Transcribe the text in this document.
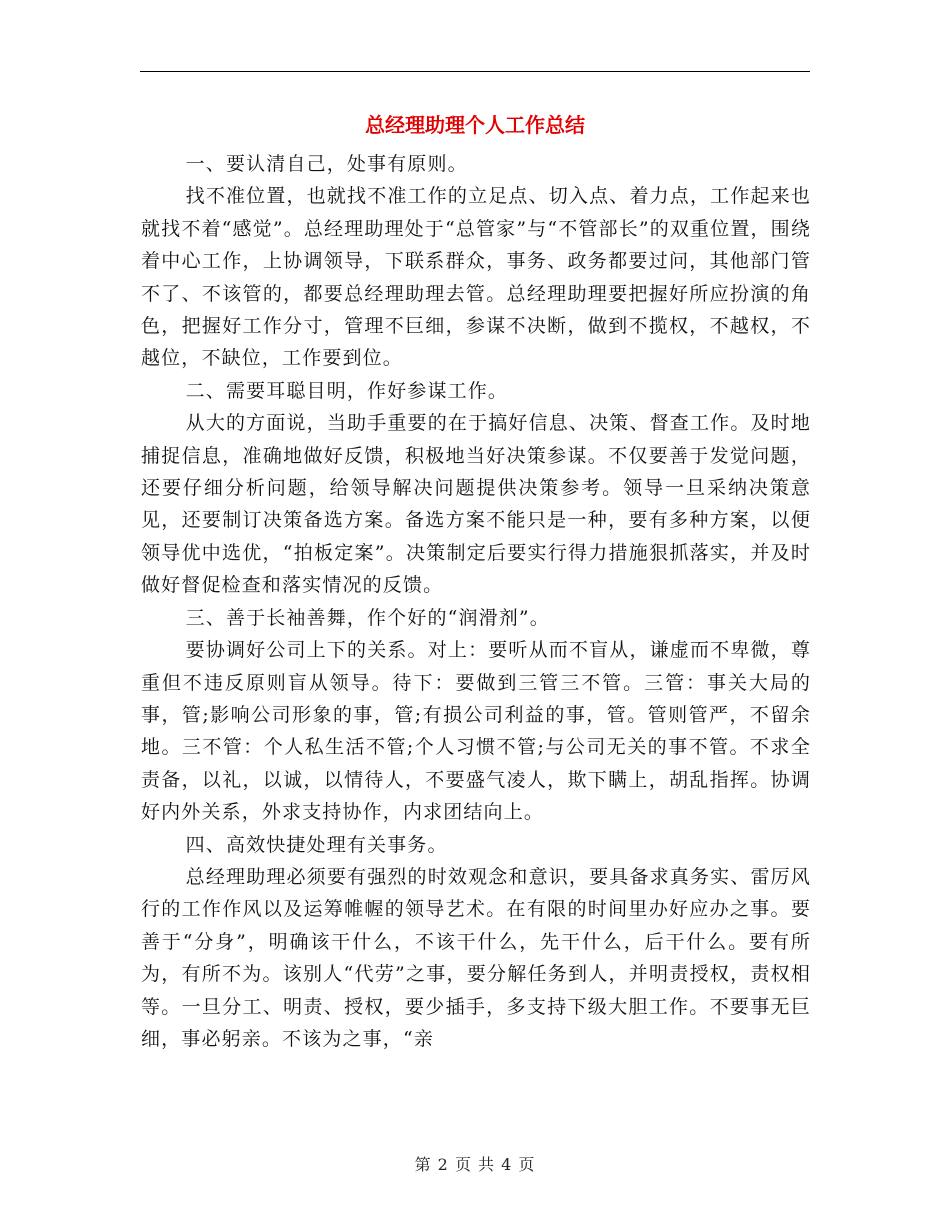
总经理助理个人工作总结

一、要认清自己，处事有原则。

找不准位置，也就找不准工作的立足点、切入点、着力点，工作起来也就找不着“感觉”。总经理助理处于“总管家”与“不管部长”的双重位置，围绕着中心工作，上协调领导，下联系群众，事务、政务都要过问，其他部门管不了、不该管的，都要总经理助理去管。总经理助理要把握好所应扮演的角色，把握好工作分寸，管理不巨细，参谋不决断，做到不揽权，不越权，不越位，不缺位，工作要到位。

二、需要耳聪目明，作好参谋工作。

从大的方面说，当助手重要的在于搞好信息、决策、督查工作。及时地捕捉信息，准确地做好反馈，积极地当好决策参谋。不仅要善于发觉问题，还要仔细分析问题，给领导解决问题提供决策参考。领导一旦采纳决策意见，还要制订决策备选方案。备选方案不能只是一种，要有多种方案，以便领导优中选优，“拍板定案”。决策制定后要实行得力措施狠抓落实，并及时做好督促检查和落实情况的反馈。

三、善于长袖善舞，作个好的“润滑剂”。

要协调好公司上下的关系。对上：要听从而不盲从，谦虚而不卑微，尊重但不违反原则盲从领导。待下：要做到三管三不管。三管：事关大局的事，管;影响公司形象的事，管;有损公司利益的事，管。管则管严，不留余地。三不管：个人私生活不管;个人习惯不管;与公司无关的事不管。不求全责备，以礼，以诚，以情待人，不要盛气凌人，欺下瞒上，胡乱指挥。协调好内外关系，外求支持协作，内求团结向上。

四、高效快捷处理有关事务。

总经理助理必须要有强烈的时效观念和意识，要具备求真务实、雷厉风行的工作作风以及运筹帷幄的领导艺术。在有限的时间里办好应办之事。要善于“分身”，明确该干什么，不该干什么，先干什么，后干什么。要有所为，有所不为。该别人“代劳”之事，要分解任务到人，并明责授权，责权相等。一旦分工、明责、授权，要少插手，多支持下级大胆工作。不要事无巨细，事必躬亲。不该为之事，“亲

第 2 页 共 4 页
